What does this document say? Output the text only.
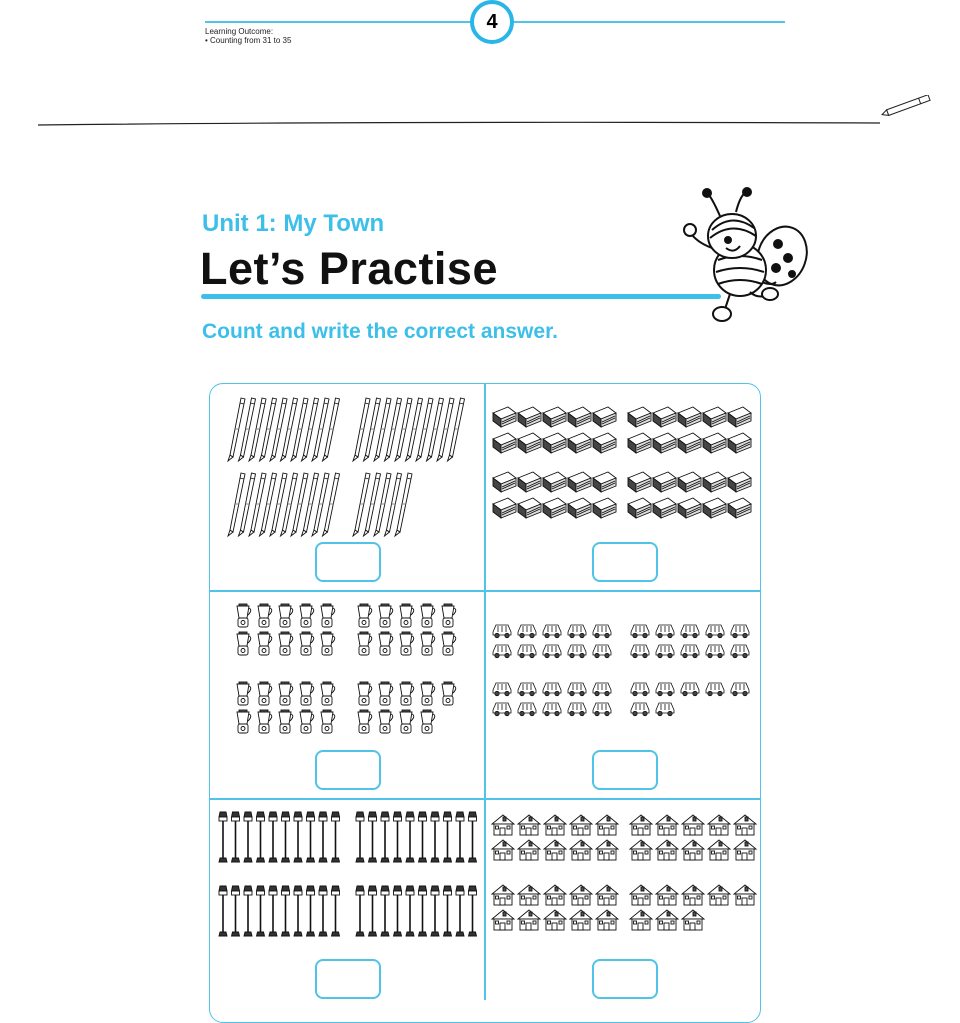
4
Learning Outcome:
• Counting from 31 to 35
Unit 1: My Town
Let’s Practise
Count and write the correct answer.
